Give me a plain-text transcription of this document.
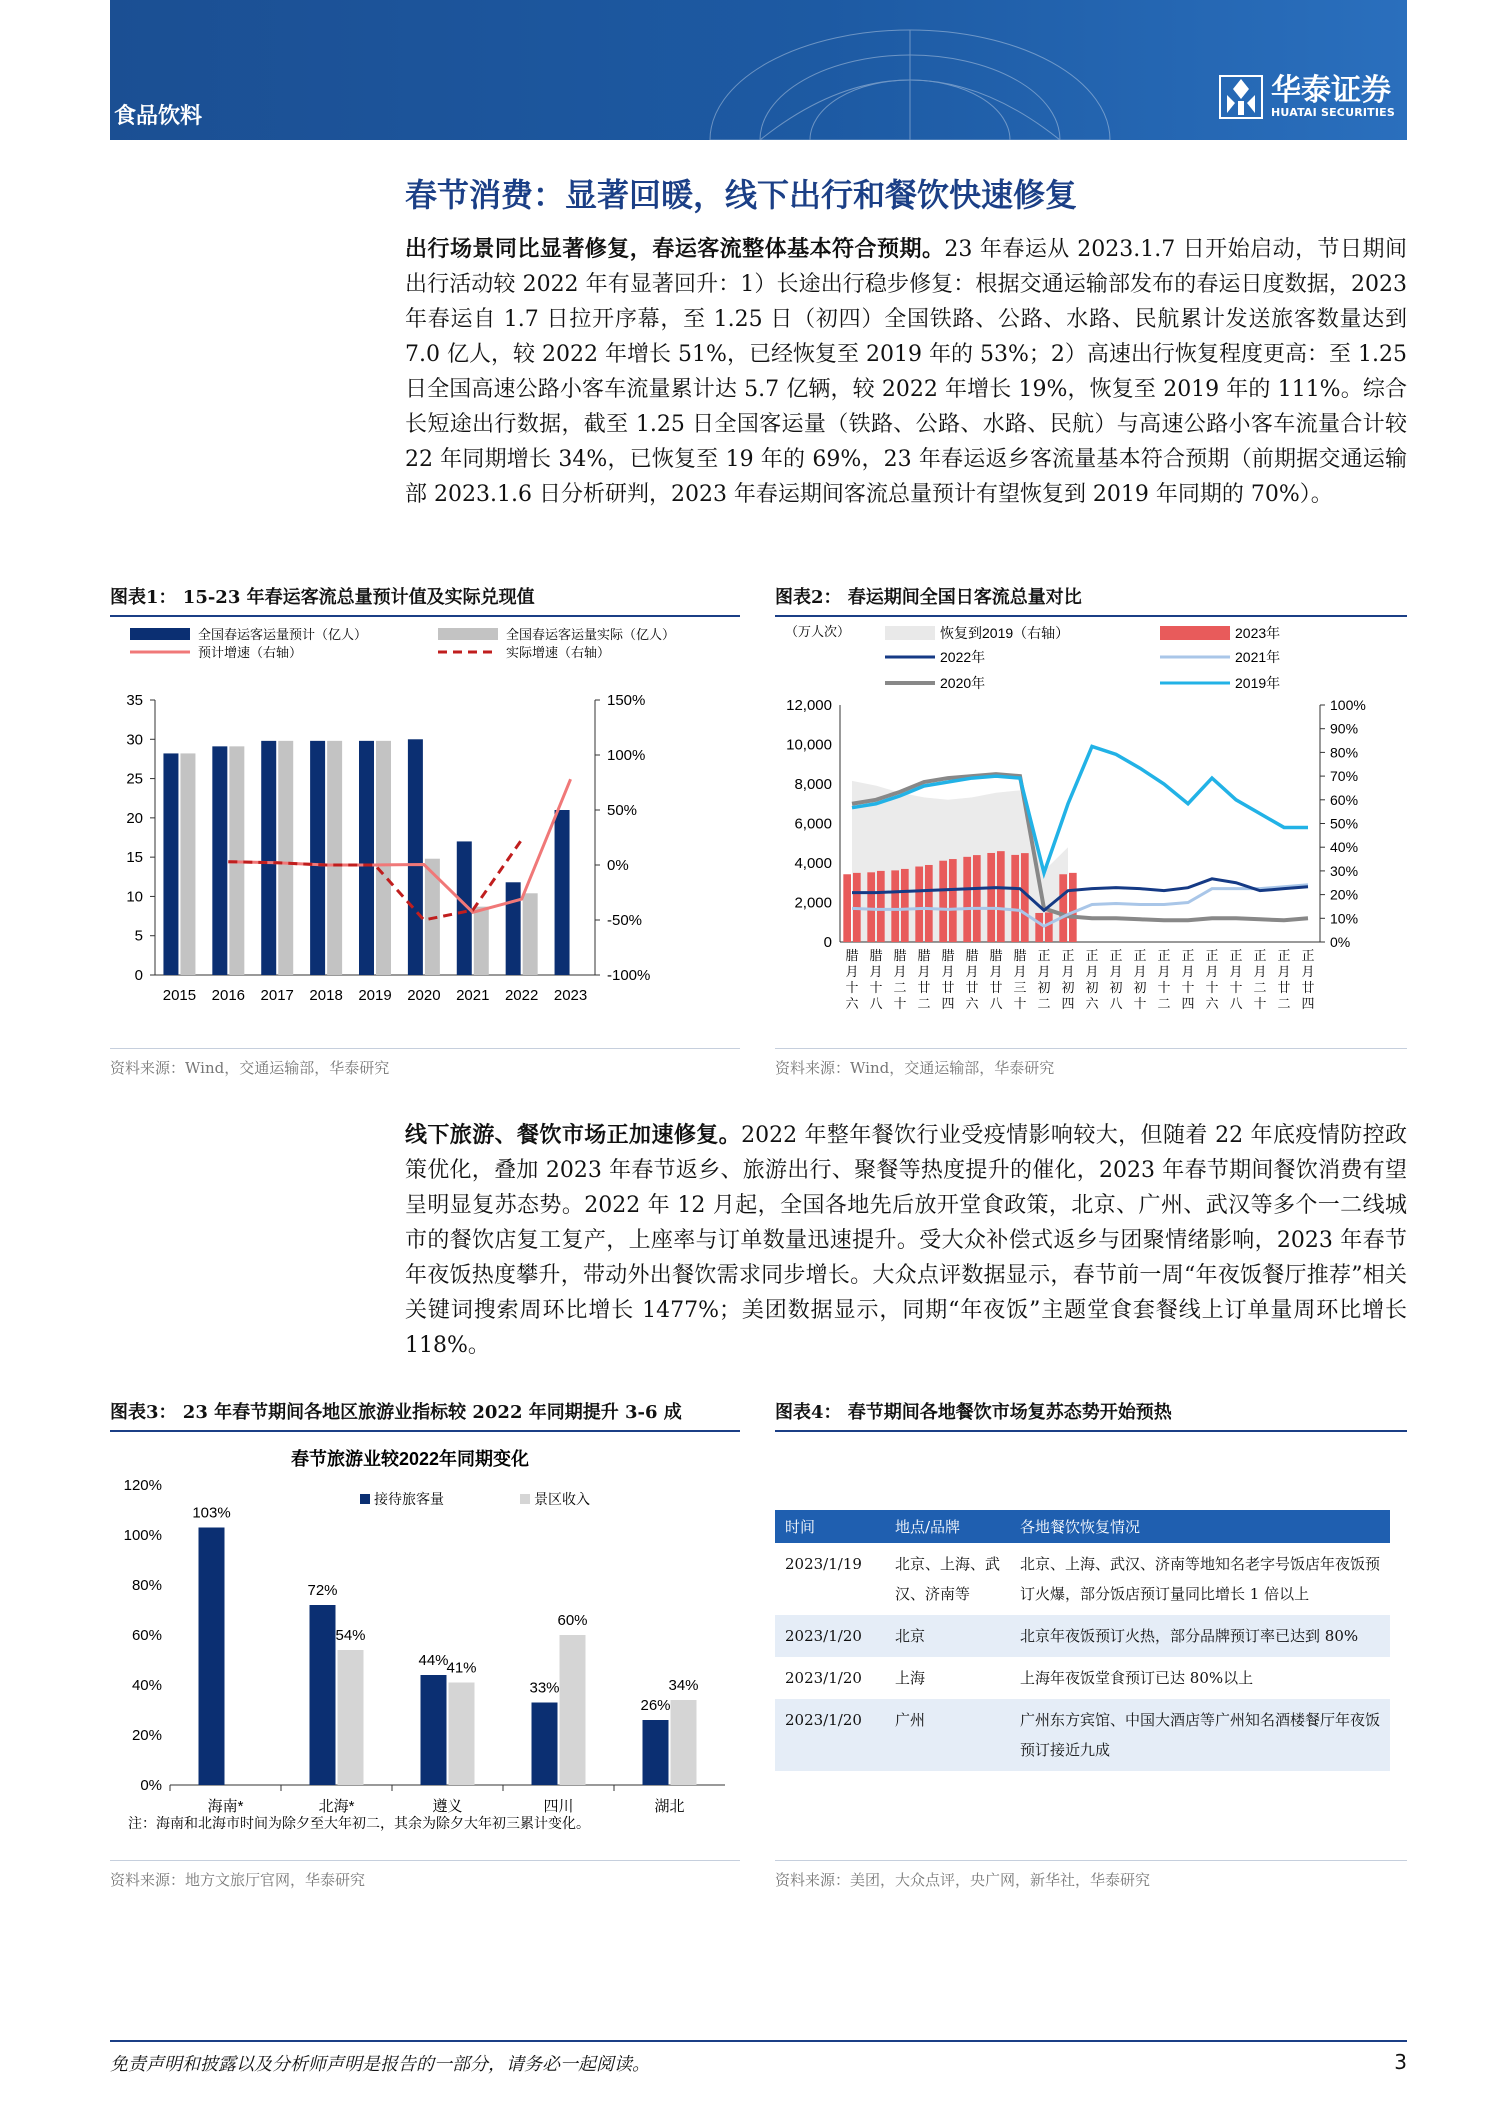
食品饮料
华泰证券
HUATAI SECURITIES
春节消费：显著回暖，线下出行和餐饮快速修复
出行场景同比显著修复，春运客流整体基本符合预期。23 年春运从 2023.1.7 日开始启动，节日期间出行活动较 2022 年有显著回升：1）长途出行稳步修复：根据交通运输部发布的春运日度数据，2023 年春运自 1.7 日拉开序幕，至 1.25 日（初四）全国铁路、公路、水路、民航累计发送旅客数量达到 7.0 亿人，较 2022 年增长 51%，已经恢复至 2019 年的 53%；2）高速出行恢复程度更高：至 1.25 日全国高速公路小客车流量累计达 5.7 亿辆，较 2022 年增长 19%，恢复至 2019 年的 111%。综合长短途出行数据，截至 1.25 日全国客运量（铁路、公路、水路、民航）与高速公路小客车流量合计较 22 年同期增长 34%，已恢复至 19 年的 69%，23 年春运返乡客流量基本符合预期（前期据交通运输部 2023.1.6 日分析研判，2023 年春运期间客流总量预计有望恢复到 2019 年同期的 70%）。
图表1： 15-23 年春运客流总量预计值及实际兑现值
全国春运客运量预计（亿人）	全国春运客运量实际（亿人）
预计增速（右轴）	实际增速（右轴）
0
5
10
15
20
25
30
35
-100%
-50%
0%
50%
100%
150%
2015 2016 2017 2018 2019 2020 2021 2022 2023
资料来源：Wind，交通运输部，华泰研究
图表2： 春运期间全国日客流总量对比
（万人次）	恢复到2019（右轴）	2023年
2022年	2021年
2020年	2019年
0
2,000
4,000
6,000
8,000
10,000
12,000
0%
10%
20%
30%
40%
50%
60%
70%
80%
90%
100%
腊月十六
腊月十八
腊月二十
腊月廿二
腊月廿四
腊月廿六
腊月廿八
腊月三十
正月初二
正月初四
正月初六
正月初八
正月初十
正月十二
正月十四
正月十六
正月十八
正月二十
正月廿二
正月廿四
资料来源：Wind，交通运输部，华泰研究
线下旅游、餐饮市场正加速修复。2022 年整年餐饮行业受疫情影响较大，但随着 22 年底疫情防控政策优化，叠加 2023 年春节返乡、旅游出行、聚餐等热度提升的催化，2023 年春节期间餐饮消费有望呈明显复苏态势。2022 年 12 月起，全国各地先后放开堂食政策，北京、广州、武汉等多个一二线城市的餐饮店复工复产，上座率与订单数量迅速提升。受大众补偿式返乡与团聚情绪影响，2023 年春节年夜饭热度攀升，带动外出餐饮需求同步增长。大众点评数据显示，春节前一周“年夜饭餐厅推荐”相关关键词搜索周环比增长 1477%；美团数据显示，同期“年夜饭”主题堂食套餐线上订单量周环比增长 118%。
图表3： 23 年春节期间各地区旅游业指标较 2022 年同期提升 3-6 成
春节旅游业较2022年同期变化
接待旅客量	景区收入
0%
20%
40%
60%
80%
100%
120%
海南*	北海*	遵义	四川	湖北
103%
72%
44%
33%
26%
54%
41%
60%
34%
注：海南和北海市时间为除夕至大年初二，其余为除夕大年初三累计变化。
资料来源：地方文旅厅官网，华泰研究
图表4： 春节期间各地餐饮市场复苏态势开始预热
时间	地点/品牌	各地餐饮恢复情况
2023/1/19	北京、上海、武汉、济南等	北京、上海、武汉、济南等地知名老字号饭店年夜饭预订火爆，部分饭店预订量同比增长 1 倍以上
2023/1/20	北京	北京年夜饭预订火热，部分品牌预订率已达到 80%
2023/1/20	上海	上海年夜饭堂食预订已达 80%以上
2023/1/20	广州	广州东方宾馆、中国大酒店等广州知名酒楼餐厅年夜饭预订接近九成
资料来源：美团，大众点评，央广网，新华社，华泰研究
免责声明和披露以及分析师声明是报告的一部分，请务必一起阅读。	3
